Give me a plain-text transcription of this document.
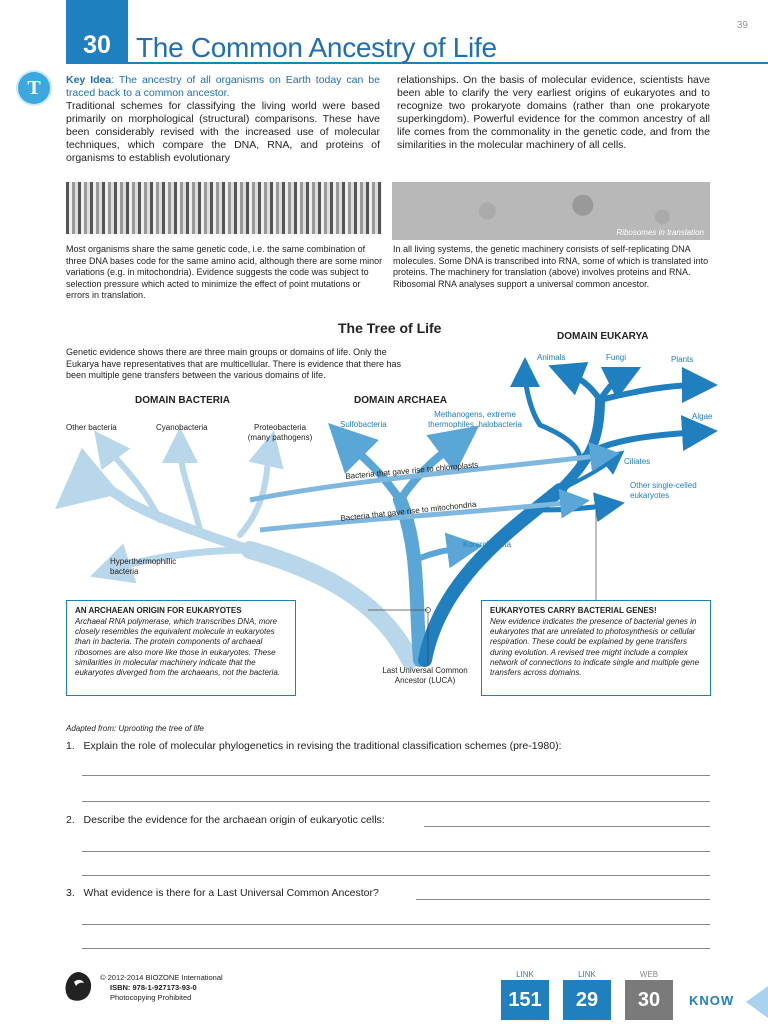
30 The Common Ancestry of Life
39
T	Key Idea: The ancestry of all organisms on Earth today can be traced back to a common ancestor.
Traditional schemes for classifying the living world were based primarily on morphological (structural) comparisons. These have been considerably revised with the increased use of molecular techniques, which compare the DNA, RNA, and proteins of organisms to establish evolutionary
relationships. On the basis of molecular evidence, scientists have been able to clarify the very earliest origins of eukaryotes and to recognize two prokaryote domains (rather than one prokaryote superkingdom). Powerful evidence for the common ancestry of all life comes from the commonality in the genetic code, and from the similarities in the molecular machinery of all cells.
Ribosomes in translation
Most organisms share the same genetic code, i.e. the same combination of three DNA bases code for the same amino acid, although there are some minor variations (e.g. in mitochondria). Evidence suggests the code was subject to selection pressure which acted to minimize the effect of point mutations or errors in translation.
In all living systems, the genetic machinery consists of self-replicating DNA molecules. Some DNA is transcribed into RNA, some of which is translated into proteins. The machinery for translation (above) involves proteins and RNA. Ribosomal RNA analyses support a universal common ancestor.
The Tree of Life
Genetic evidence shows there are three main groups or domains of life. Only the Eukarya have representatives that are multicellular. There is evidence that there has been multiple gene transfers between the various domains of life.
DOMAIN BACTERIA	DOMAIN ARCHAEA
DOMAIN EUKARYA
Other bacteria	Cyanobacteria	Proteobacteria (many pathogens)
Hyperthermophillic bacteria
Sulfobacteria
Methanogens, extreme thermophiles, halobacteria
Korarchaeota
Animals	Fungi	Plants
Algae
Ciliates
Other single-celled eukaryotes
Bacteria that gave rise to chloroplasts
Bacteria that gave rise to mitochondria
Last Universal Common Ancestor (LUCA)
AN ARCHAEAN ORIGIN FOR EUKARYOTES

Archaeal RNA polymerase, which transcribes DNA, more closely resembles the equivalent molecule in eukaryotes than in bacteria. The protein components of archaeal ribosomes are also more like those in eukaryotes. These similarities in molecular machinery indicate that the eukaryotes diverged from the archaeans, not the bacteria.

EUKARYOTES CARRY BACTERIAL GENES!

New evidence indicates the presence of bacterial genes in eukaryotes that are unrelated to photosynthesis or cellular respiration. These could be explained by gene transfers during evolution. A revised tree might include a complex network of connections to indicate single and multiple gene transfers across domains.

Adapted from: Uprooting the tree of life
1. Explain the role of molecular phylogenetics in revising the traditional classification schemes (pre-1980):
2. Describe the evidence for the archaean origin of eukaryotic cells:
3. What evidence is there for a Last Universal Common Ancestor?
© 2012-2014 BIOZONE International
ISBN: 978-1-927173-93-0
Photocopying Prohibited
LINK
151
LINK
29
WEB
30	KNOW
